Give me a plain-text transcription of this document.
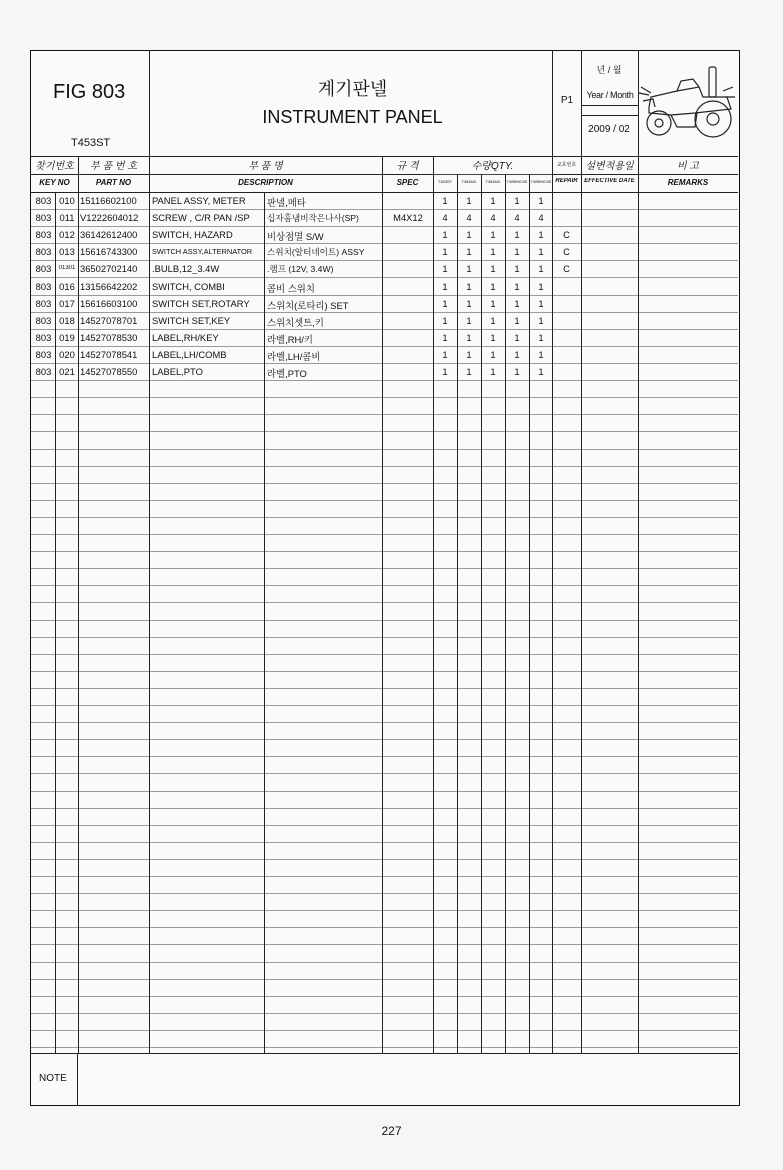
FIG 803
T453ST
계기판넬
INSTRUMENT PANEL
P1
년 / 월
Year / Month
2009 / 02
찾기번호
KEY NO
부 품 번 호
PART NO
부 품 명
DESCRIPTION
규 격
SPEC
수량QTY.
T453ST	T453MC	T453MC	T4B5MC5S T4B5MC5S
교호번호
REPAIR
설변적용일
EFFECTIVE DATE
비 고
REMARKS
803 010 15116602100	PANEL ASSY, METER	판넬,메타	1	1	1	1	1
803 011 V1222604012	SCREW , C/R PAN /SP	십자홈냄비작은나사(SP)	M4X12	4	4	4	4	4
803 012 36142612400	SWITCH, HAZARD	비상점멸 S/W	1	1	1	1	1	C
803 013 15616743300	SWITCH ASSY,ALTERNATOR	스위치(알터네이트) ASSY	1	1	1	1	1	C
803	01301 36502702140	.BULB,12_3.4W	.램프 (12V, 3.4W)	1	1	1	1	1	C
803 016 13156642202	SWITCH, COMBI	콤비 스위치	1	1	1	1	1
803 017 15616603100	SWITCH SET,ROTARY	스위치(로타리) SET	1	1	1	1	1
803 018 14527078701	SWITCH SET,KEY	스위치셋트,키	1	1	1	1	1
803 019 14527078530	LABEL,RH/KEY	라벨,RH/키	1	1	1	1	1
803 020 14527078541	LABEL,LH/COMB	라벨,LH/콤비	1	1	1	1	1
803 021 14527078550	LABEL,PTO	라벨,PTO	1	1	1	1	1
NOTE
227
